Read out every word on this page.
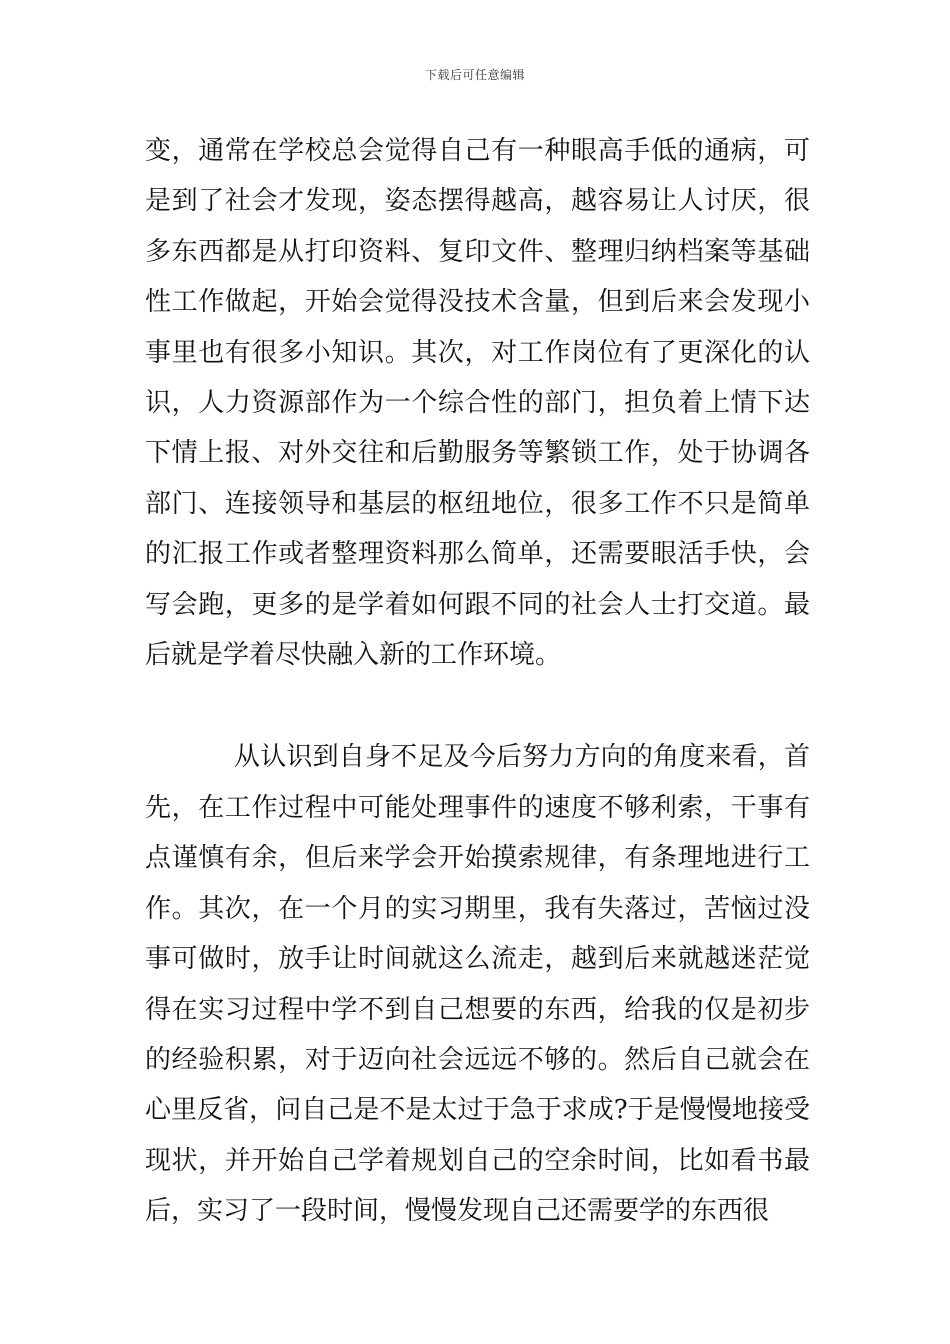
下载后可任意编辑

变，通常在学校总会觉得自己有一种眼高手低的通病，可是到了社会才发现，姿态摆得越高，越容易让人讨厌，很多东西都是从打印资料、复印文件、整理归纳档案等基础性工作做起，开始会觉得没技术含量，但到后来会发现小事里也有很多小知识。其次，对工作岗位有了更深化的认识，人力资源部作为一个综合性的部门，担负着上情下达下情上报、对外交往和后勤服务等繁锁工作，处于协调各部门、连接领导和基层的枢纽地位，很多工作不只是简单的汇报工作或者整理资料那么简单，还需要眼活手快，会写会跑，更多的是学着如何跟不同的社会人士打交道。最后就是学着尽快融入新的工作环境。

从认识到自身不足及今后努力方向的角度来看，首先，在工作过程中可能处理事件的速度不够利索，干事有点谨慎有余，但后来学会开始摸索规律，有条理地进行工作。其次，在一个月的实习期里，我有失落过，苦恼过没事可做时，放手让时间就这么流走，越到后来就越迷茫觉得在实习过程中学不到自己想要的东西，给我的仅是初步的经验积累，对于迈向社会远远不够的。然后自己就会在心里反省，问自己是不是太过于急于求成?于是慢慢地接受现状，并开始自己学着规划自己的空余时间，比如看书最后，实习了一段时间，慢慢发现自己还需要学的东西很
